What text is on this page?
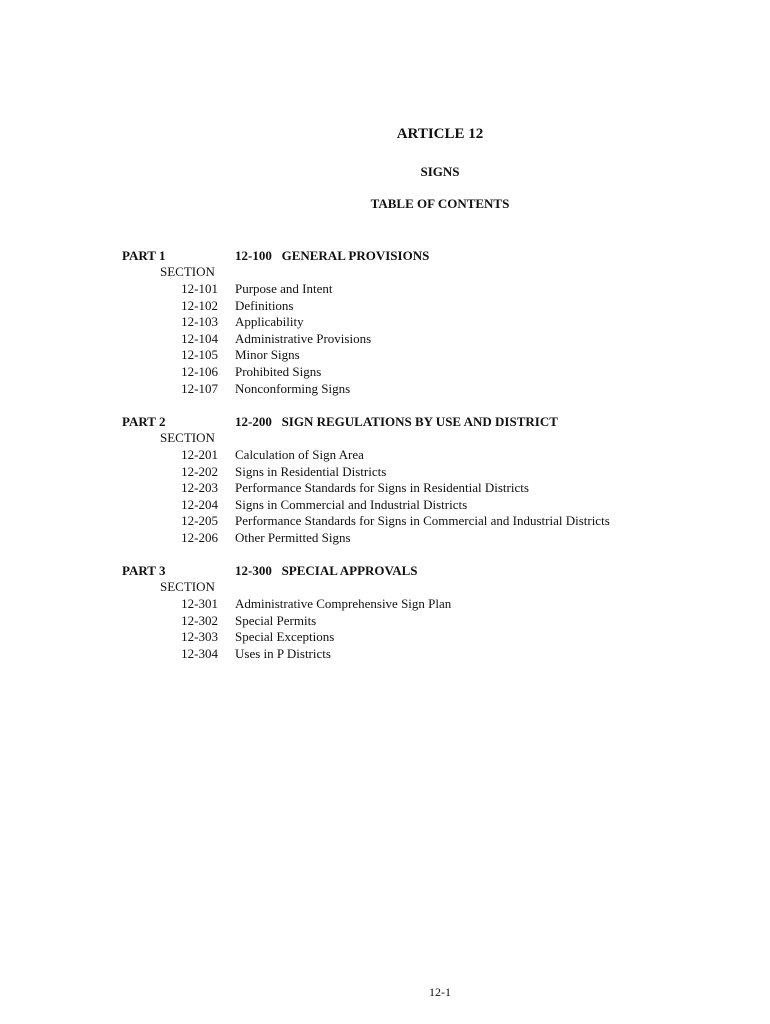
ARTICLE 12
SIGNS
TABLE OF CONTENTS
PART 1	12-100   GENERAL PROVISIONS
SECTION
12-101 Purpose and Intent
12-102 Definitions
12-103 Applicability
12-104 Administrative Provisions
12-105 Minor Signs
12-106 Prohibited Signs
12-107 Nonconforming Signs
PART 2	12-200   SIGN REGULATIONS BY USE AND DISTRICT
SECTION
12-201 Calculation of Sign Area
12-202 Signs in Residential Districts
12-203 Performance Standards for Signs in Residential Districts
12-204 Signs in Commercial and Industrial Districts
12-205 Performance Standards for Signs in Commercial and Industrial Districts
12-206 Other Permitted Signs
PART 3	12-300   SPECIAL APPROVALS
SECTION
12-301 Administrative Comprehensive Sign Plan
12-302 Special Permits
12-303 Special Exceptions
12-304 Uses in P Districts
12-1
